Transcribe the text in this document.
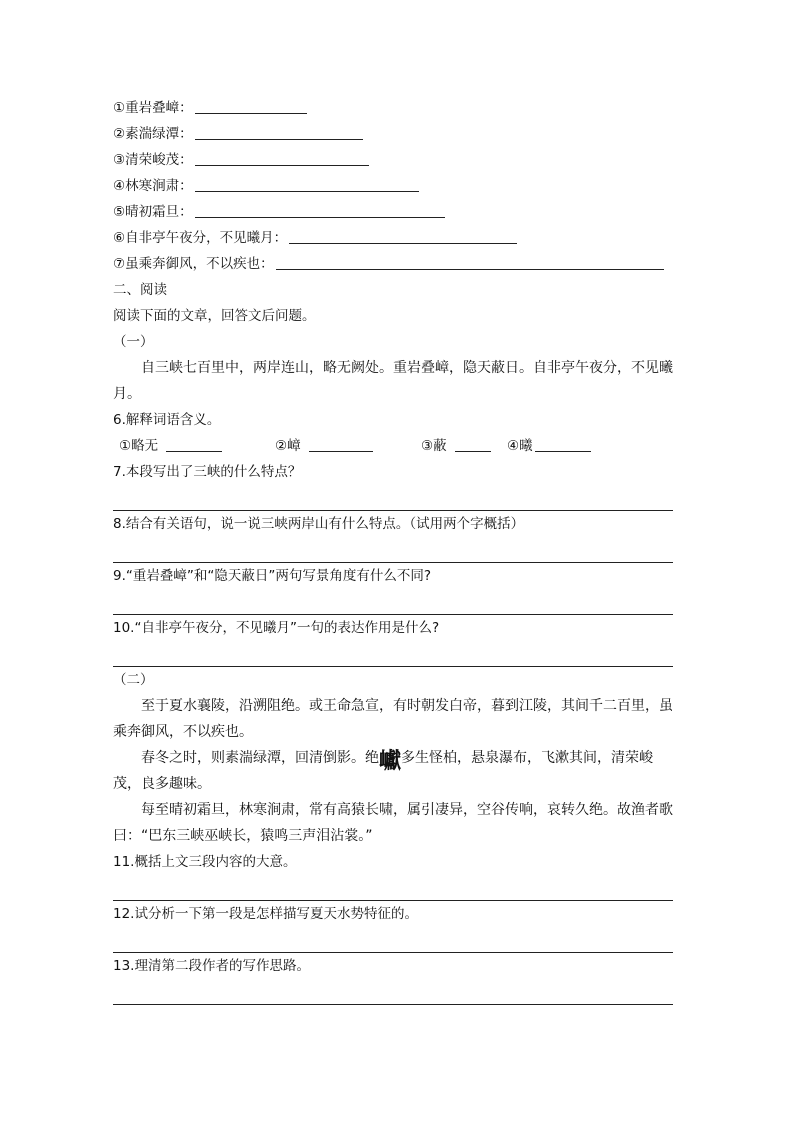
①重岩叠嶂：
②素湍绿潭：
③清荣峻茂：
④林寒涧肃：
⑤晴初霜旦：
⑥自非亭午夜分，不见曦月：
⑦虽乘奔御风，不以疾也：
二、阅读
阅读下面的文章，回答文后问题。
（一）
自三峡七百里中，两岸连山，略无阙处。重岩叠嶂，隐天蔽日。自非亭午夜分，不见曦月。
6.解释词语含义。
①略无	②嶂	③蔽	④曦
7.本段写出了三峡的什么特点？
8.结合有关语句，说一说三峡两岸山有什么特点。（试用两个字概括）
9.“重岩叠嶂”和“隐天蔽日”两句写景角度有什么不同?
10.“自非亭午夜分，不见曦月”一句的表达作用是什么?
（二）
至于夏水襄陵，沿溯阻绝。或王命急宣，有时朝发白帝，暮到江陵，其间千二百里，虽乘奔御风，不以疾也。
春冬之时，则素湍绿潭，回清倒影。绝巘多生怪柏，悬泉瀑布，飞漱其间，清荣峻茂，良多趣味。
每至晴初霜旦，林寒涧肃，常有高猿长啸，属引凄异，空谷传响，哀转久绝。故渔者歌曰：“巴东三峡巫峡长，猿鸣三声泪沾裳。”
11.概括上文三段内容的大意。
12.试分析一下第一段是怎样描写夏天水势特征的。
13.理清第二段作者的写作思路。
